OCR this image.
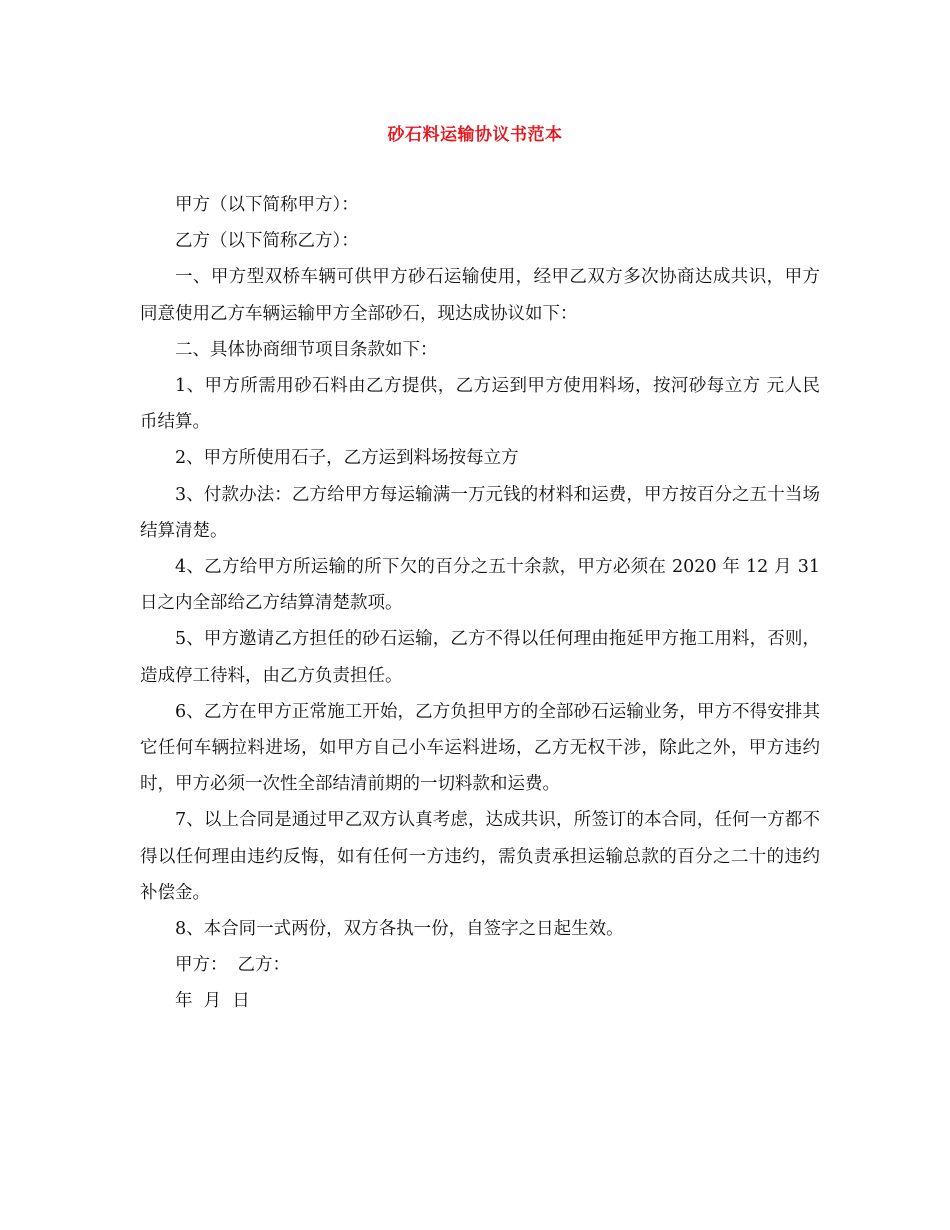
砂石料运输协议书范本

甲方（以下简称甲方）：

乙方（以下简称乙方）：

一、甲方型双桥车辆可供甲方砂石运输使用，经甲乙双方多次协商达成共识，甲方同意使用乙方车辆运输甲方全部砂石，现达成协议如下：

二、具体协商细节项目条款如下：

1、甲方所需用砂石料由乙方提供，乙方运到甲方使用料场，按河砂每立方 元人民币结算。

2、甲方所使用石子，乙方运到料场按每立方

3、付款办法：乙方给甲方每运输满一万元钱的材料和运费，甲方按百分之五十当场结算清楚。

4、乙方给甲方所运输的所下欠的百分之五十余款，甲方必须在 2020 年 12 月 31 日之内全部给乙方结算清楚款项。

5、甲方邀请乙方担任的砂石运输，乙方不得以任何理由拖延甲方拖工用料，否则，造成停工待料，由乙方负责担任。

6、乙方在甲方正常施工开始，乙方负担甲方的全部砂石运输业务，甲方不得安排其它任何车辆拉料进场，如甲方自己小车运料进场，乙方无权干涉，除此之外，甲方违约时，甲方必须一次性全部结清前期的一切料款和运费。

7、以上合同是通过甲乙双方认真考虑，达成共识，所签订的本合同，任何一方都不得以任何理由违约反悔，如有任何一方违约，需负责承担运输总款的百分之二十的违约补偿金。

8、本合同一式两份，双方各执一份，自签字之日起生效。

甲方： 乙方：

年  月  日
